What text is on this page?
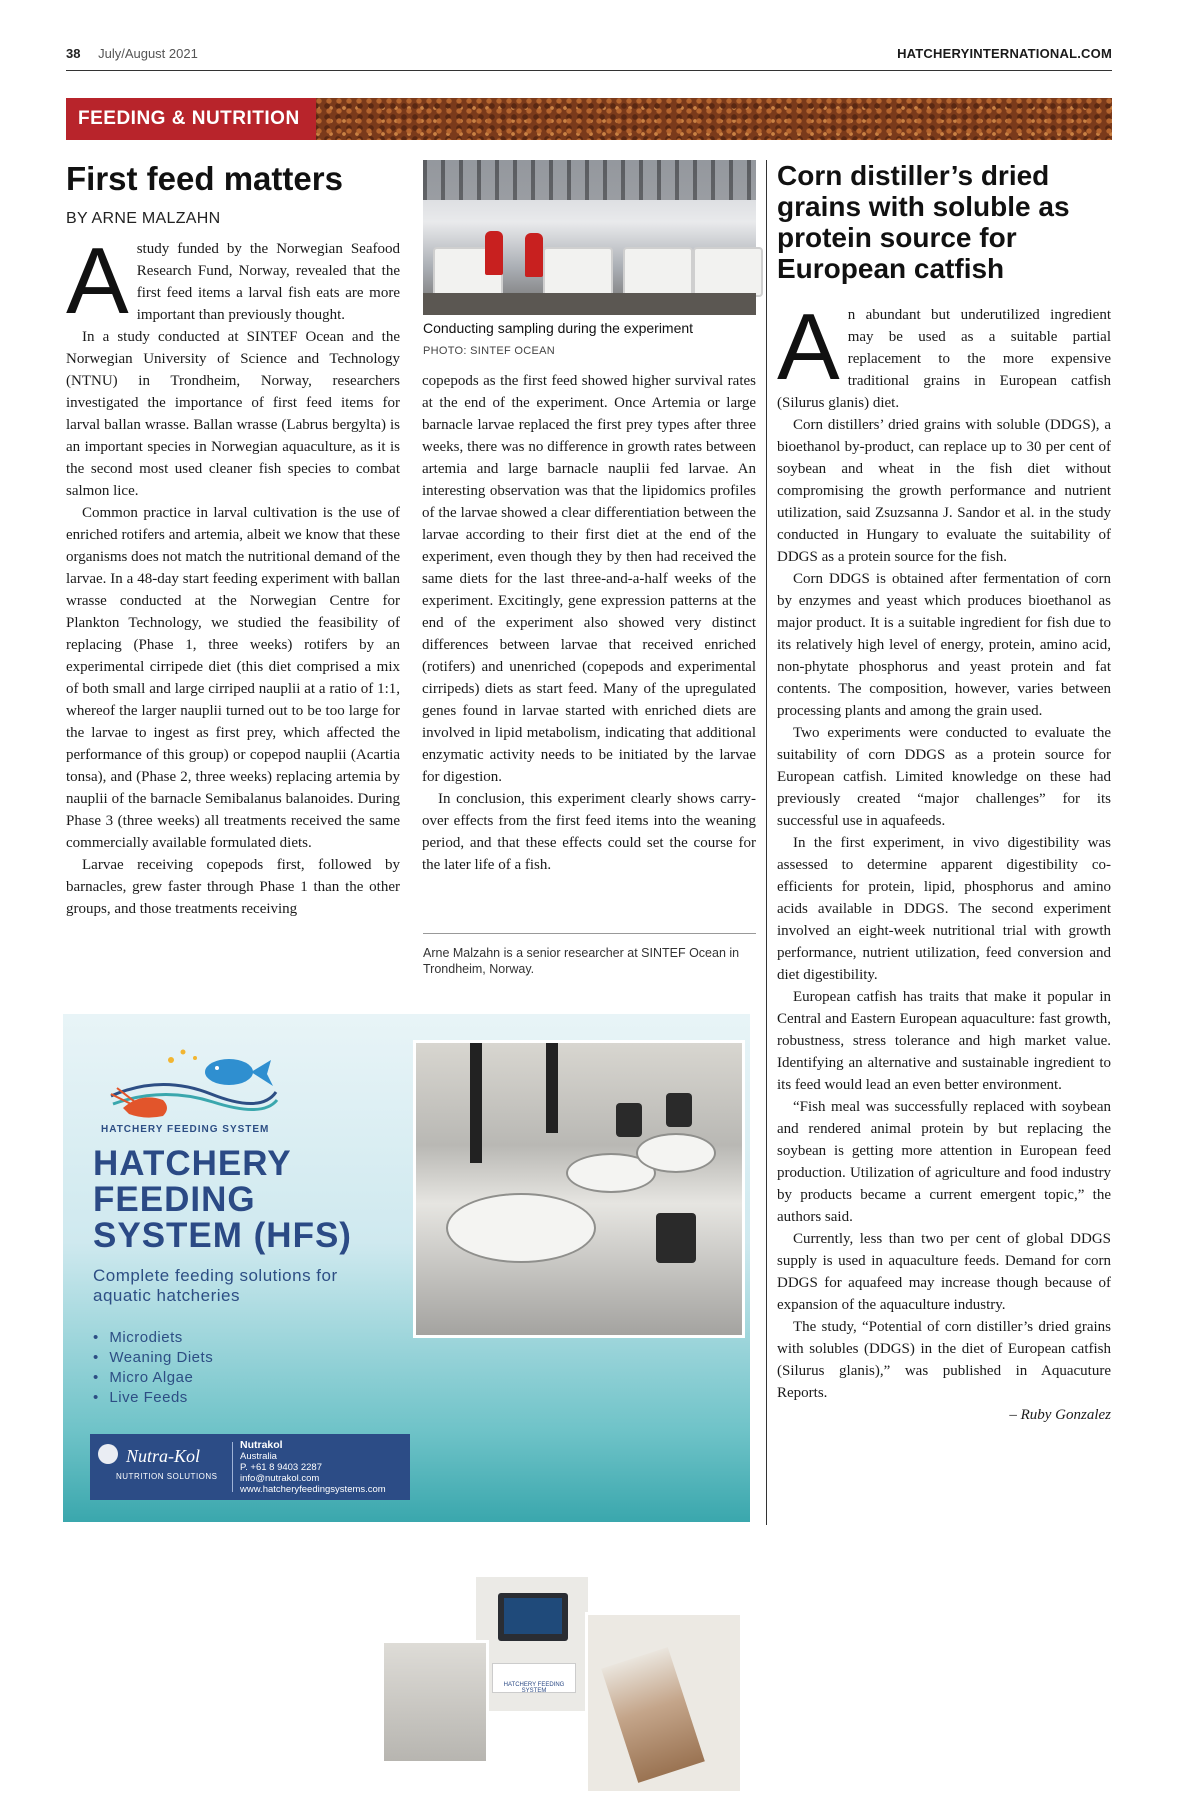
38 July/August 2021	HATCHERYINTERNATIONAL.COM
FEEDING & NUTRITION
First feed matters
BY ARNE MALZAHN

Astudy funded by the Norwegian Seafood Research Fund, Norway, revealed that the first feed items a larval fish eats are more important than previously thought.

In a study conducted at SINTEF Ocean and the Norwegian University of Science and Technology (NTNU) in Trondheim, Norway, researchers investigated the importance of first feed items for larval ballan wrasse. Ballan wrasse (Labrus bergylta) is an important species in Norwegian aquaculture, as it is the second most used cleaner fish species to combat salmon lice.

Common practice in larval cultivation is the use of enriched rotifers and artemia, albeit we know that these organisms does not match the nutritional demand of the larvae. In a 48-day start feeding experiment with ballan wrasse conducted at the Norwegian Centre for Plankton Technology, we studied the feasibility of replacing (Phase 1, three weeks) rotifers by an experimental cirripede diet (this diet comprised a mix of both small and large cirriped nauplii at a ratio of 1:1, whereof the larger nauplii turned out to be too large for the larvae to ingest as first prey, which affected the performance of this group) or copepod nauplii (Acartia tonsa), and (Phase 2, three weeks) replacing artemia by nauplii of the barnacle Semibalanus balanoides. During Phase 3 (three weeks) all treatments received the same commercially available formulated diets.

Larvae receiving copepods first, followed by barnacles, grew faster through Phase 1 than the other groups, and those treatments receiving

Conducting sampling during the experiment
PHOTO: SINTEF OCEAN

copepods as the first feed showed higher survival rates at the end of the experiment. Once Artemia or large barnacle larvae replaced the first prey types after three weeks, there was no difference in growth rates between artemia and large barnacle nauplii fed larvae. An interesting observation was that the lipidomics profiles of the larvae showed a clear differentiation between the larvae according to their first diet at the end of the experiment, even though they by then had received the same diets for the last three-and-a-half weeks of the experiment. Excitingly, gene expression patterns at the end of the experiment also showed very distinct differences between larvae that received enriched (rotifers) and unenriched (copepods and experimental cirripeds) diets as start feed. Many of the upregulated genes found in larvae started with enriched diets are involved in lipid metabolism, indicating that additional enzymatic activity needs to be initiated by the larvae for digestion.

In conclusion, this experiment clearly shows carry-over effects from the first feed items into the weaning period, and that these effects could set the course for the later life of a fish.

Arne Malzahn is a senior researcher at SINTEF Ocean in Trondheim, Norway.
Corn distiller’s dried grains with soluble as protein source for European catfish

An abundant but underutilized ingredient may be used as a suitable partial replacement to the more expensive traditional grains in European catfish (Silurus glanis) diet.

Corn distillers’ dried grains with soluble (DDGS), a bioethanol by-product, can replace up to 30 per cent of soybean and wheat in the fish diet without compromising the growth performance and nutrient utilization, said Zsuzsanna J. Sandor et al. in the study conducted in Hungary to evaluate the suitability of DDGS as a protein source for the fish.

Corn DDGS is obtained after fermentation of corn by enzymes and yeast which produces bioethanol as major product. It is a suitable ingredient for fish due to its relatively high level of energy, protein, amino acid, non-phytate phosphorus and yeast protein and fat contents. The composition, however, varies between processing plants and among the grain used.

Two experiments were conducted to evaluate the suitability of corn DDGS as a protein source for European catfish. Limited knowledge on these had previously created “major challenges” for its successful use in aquafeeds.

In the first experiment, in vivo digestibility was assessed to determine apparent digestibility co-efficients for protein, lipid, phosphorus and amino acids available in DDGS. The second experiment involved an eight-week nutritional trial with growth performance, nutrient utilization, feed conversion and diet digestibility.

European catfish has traits that make it popular in Central and Eastern European aquaculture: fast growth, robustness, stress tolerance and high market value. Identifying an alternative and sustainable ingredient to its feed would lead an even better environment.

“Fish meal was successfully replaced with soybean and rendered animal protein by but replacing the soybean is getting more attention in European feed production. Utilization of agriculture and food industry by products became a current emergent topic,” the authors said.

Currently, less than two per cent of global DDGS supply is used in aquaculture feeds. Demand for corn DDGS for aquafeed may increase though because of expansion of the aquaculture industry.

The study, “Potential of corn distiller’s dried grains with solubles (DDGS) in the diet of European catfish (Silurus glanis),” was published in Aquacuture Reports.

– Ruby Gonzalez

HATCHERY FEEDING SYSTEM
HATCHERY FEEDING SYSTEM (HFS)
Complete feeding solutions for aquatic hatcheries
• Microdiets
• Weaning Diets
• Micro Algae
• Live Feeds
HATCHERY FEEDING SYSTEM
Nutra-Kol
NUTRITION SOLUTIONS
Nutrakol
Australia
P. +61 8 9403 2287
info@nutrakol.com
www.hatcheryfeedingsystems.com
